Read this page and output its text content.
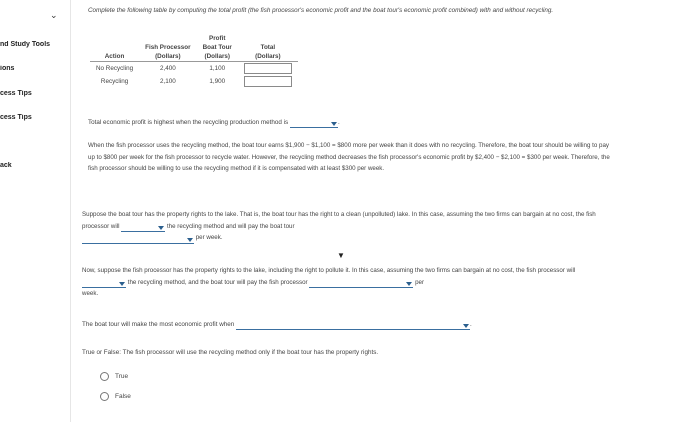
⌄
nd Study Tools
ions
cess Tips
cess Tips
ack
Complete the following table by computing the total profit (the fish processor's economic profit and the boat tour's economic profit combined) with and without recycling.
		Profit	
	Fish Processor	Boat Tour	Total
Action	(Dollars)	(Dollars)	(Dollars)
No Recycling	2,400	1,100	
Recycling	2,100	1,900	
Total economic profit is highest when the recycling production method is	.
When the fish processor uses the recycling method, the boat tour earns $1,900 − $1,100 = $800 more per week than it does with no recycling. Therefore, the boat tour should be willing to pay up to $800 per week for the fish processor to recycle water. However, the recycling method decreases the fish processor's economic profit by $2,400 − $2,100 = $300 per week. Therefore, the fish processor should be willing to use the recycling method if it is compensated with at least $300 per week.
Suppose the boat tour has the property rights to the lake. That is, the boat tour has the right to a clean (unpolluted) lake. In this case, assuming the two firms can bargain at no cost, the fish processor will	the recycling method and will pay the boat tour

per week.
▼
Now, suppose the fish processor has the property rights to the lake, including the right to pollute it. In this case, assuming the two firms can bargain at no cost, the fish processor will
the recycling method, and the boat tour will pay the fish processor	per
week.
The boat tour will make the most economic profit when	.
True or False: The fish processor will use the recycling method only if the boat tour has the property rights.
True
False
